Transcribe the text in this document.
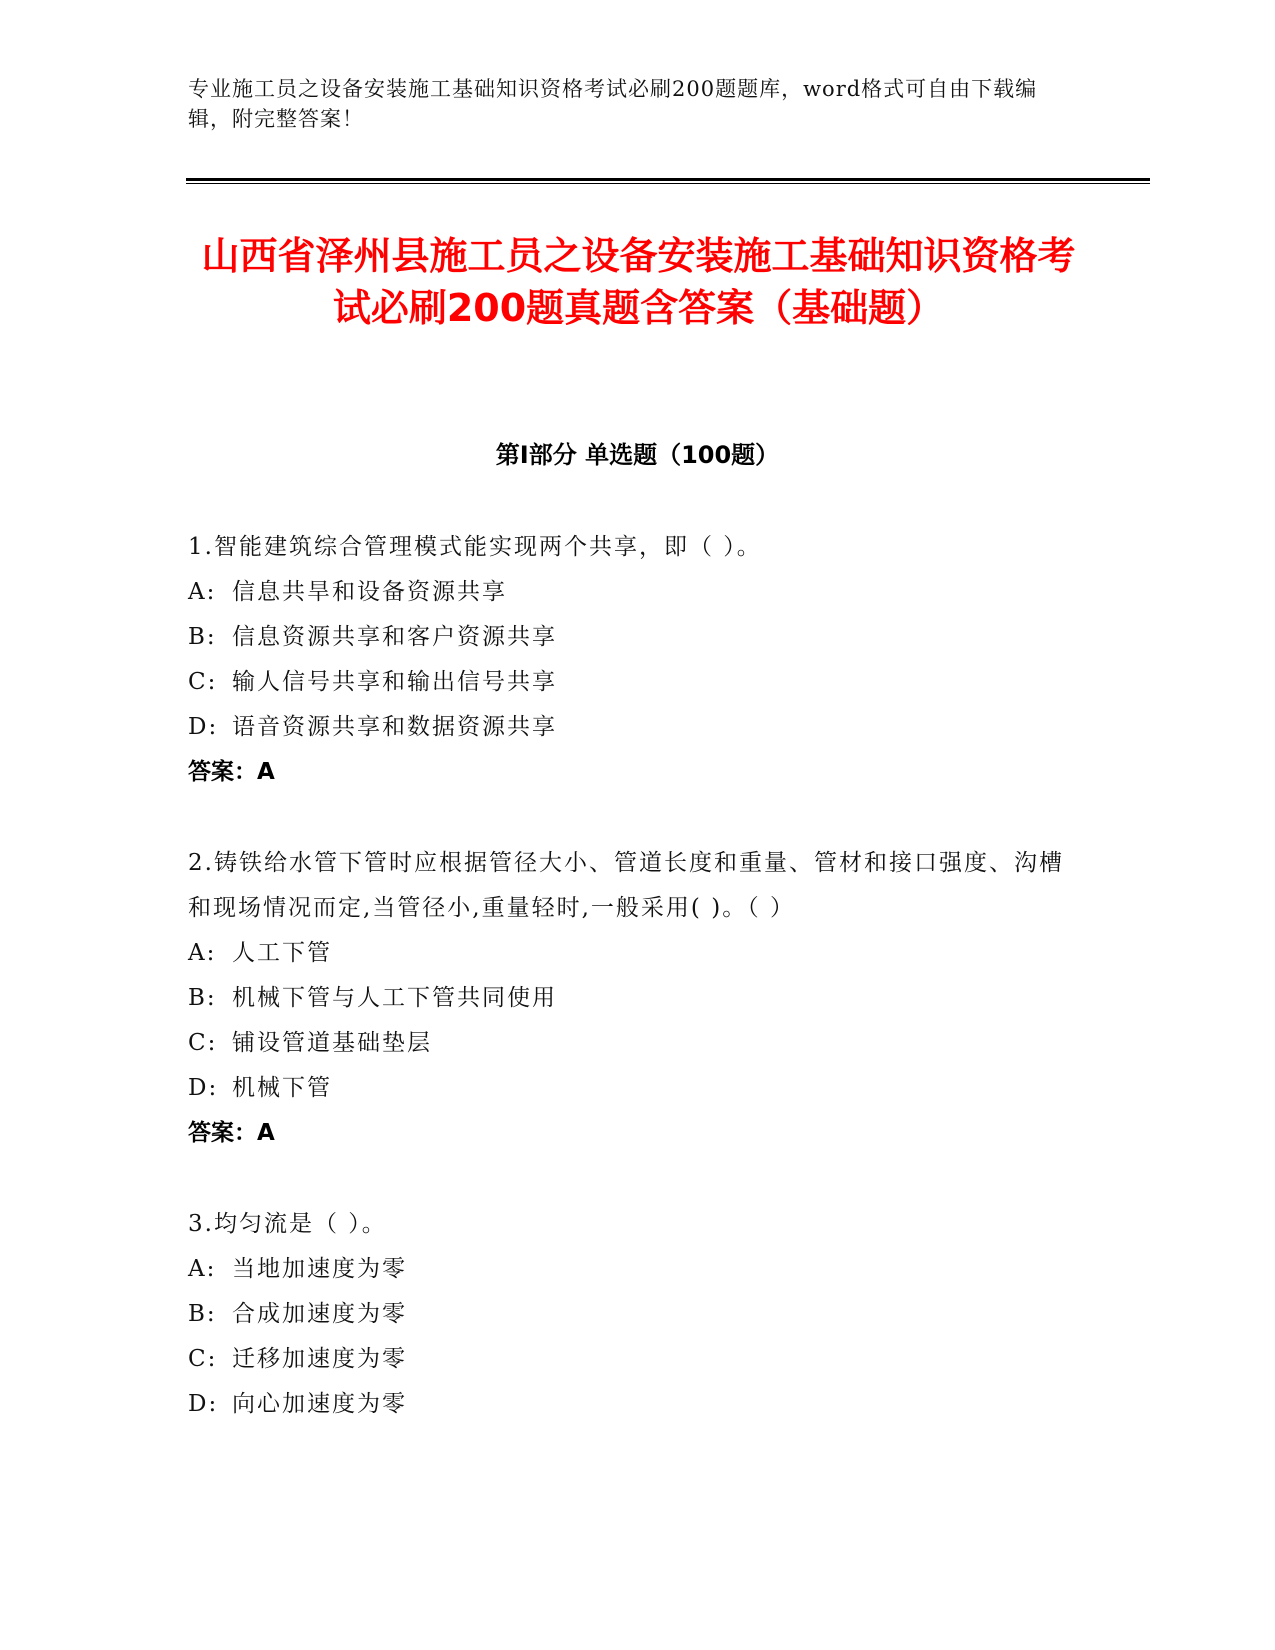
专业施工员之设备安装施工基础知识资格考试必刷200题题库，word格式可自由下载编辑，附完整答案！
山西省泽州县施工员之设备安装施工基础知识资格考试必刷200题真题含答案（基础题）
第Ⅰ部分 单选题（100题）
1.智能建筑综合管理模式能实现两个共享，即（ ）。
A: 信息共旱和设备资源共享
B: 信息资源共享和客户资源共享
C: 输人信号共享和输出信号共享
D: 语音资源共享和数据资源共享
答案：A
2.铸铁给水管下管时应根据管径大小、管道长度和重量、管材和接口强度、沟槽和现场情况而定,当管径小,重量轻时,一般采用( )。（ ）
A: 人工下管
B: 机械下管与人工下管共同使用
C: 铺设管道基础垫层
D: 机械下管
答案：A
3.均匀流是（ ）。
A: 当地加速度为零
B: 合成加速度为零
C: 迁移加速度为零
D: 向心加速度为零
